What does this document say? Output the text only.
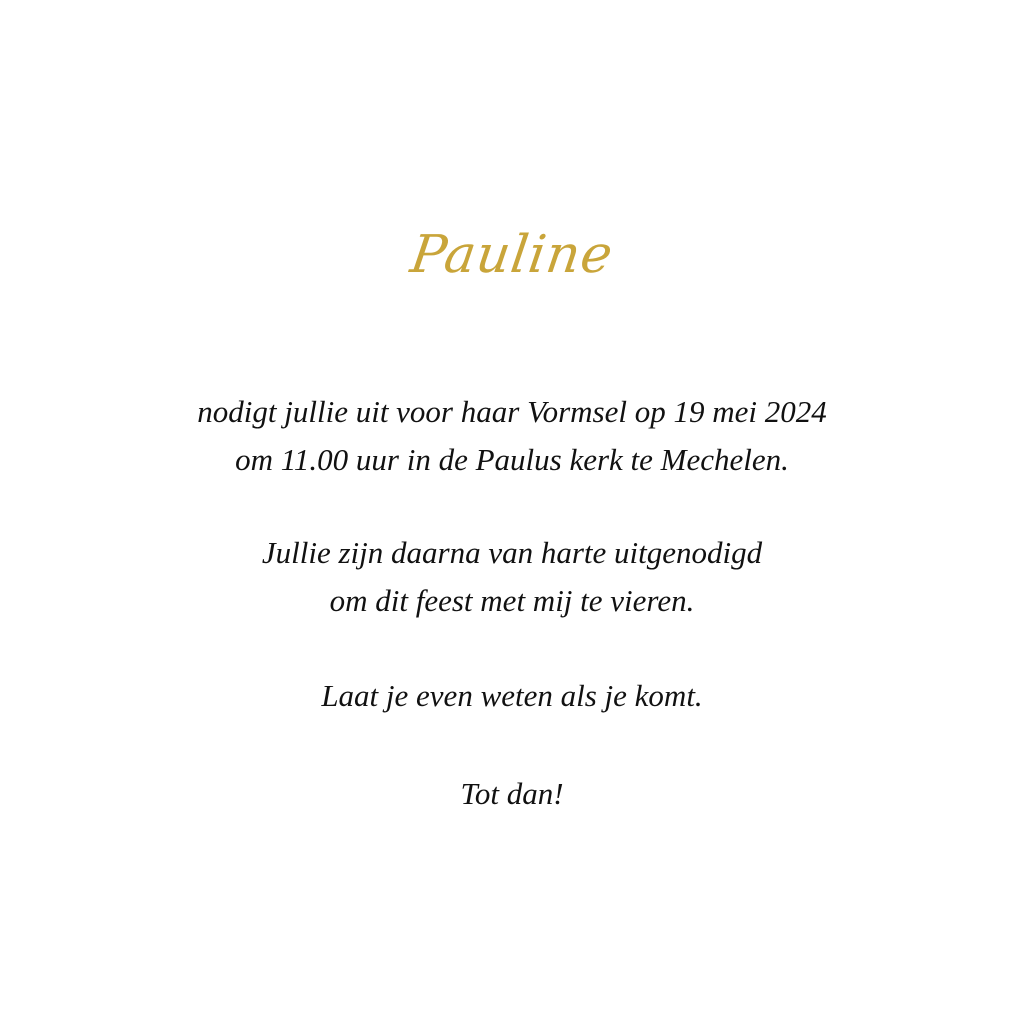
Pauline
nodigt jullie uit voor haar Vormsel op 19 mei 2024
om 11.00 uur in de Paulus kerk te Mechelen.
Jullie zijn daarna van harte uitgenodigd
om dit feest met mij te vieren.
Laat je even weten als je komt.
Tot dan!
